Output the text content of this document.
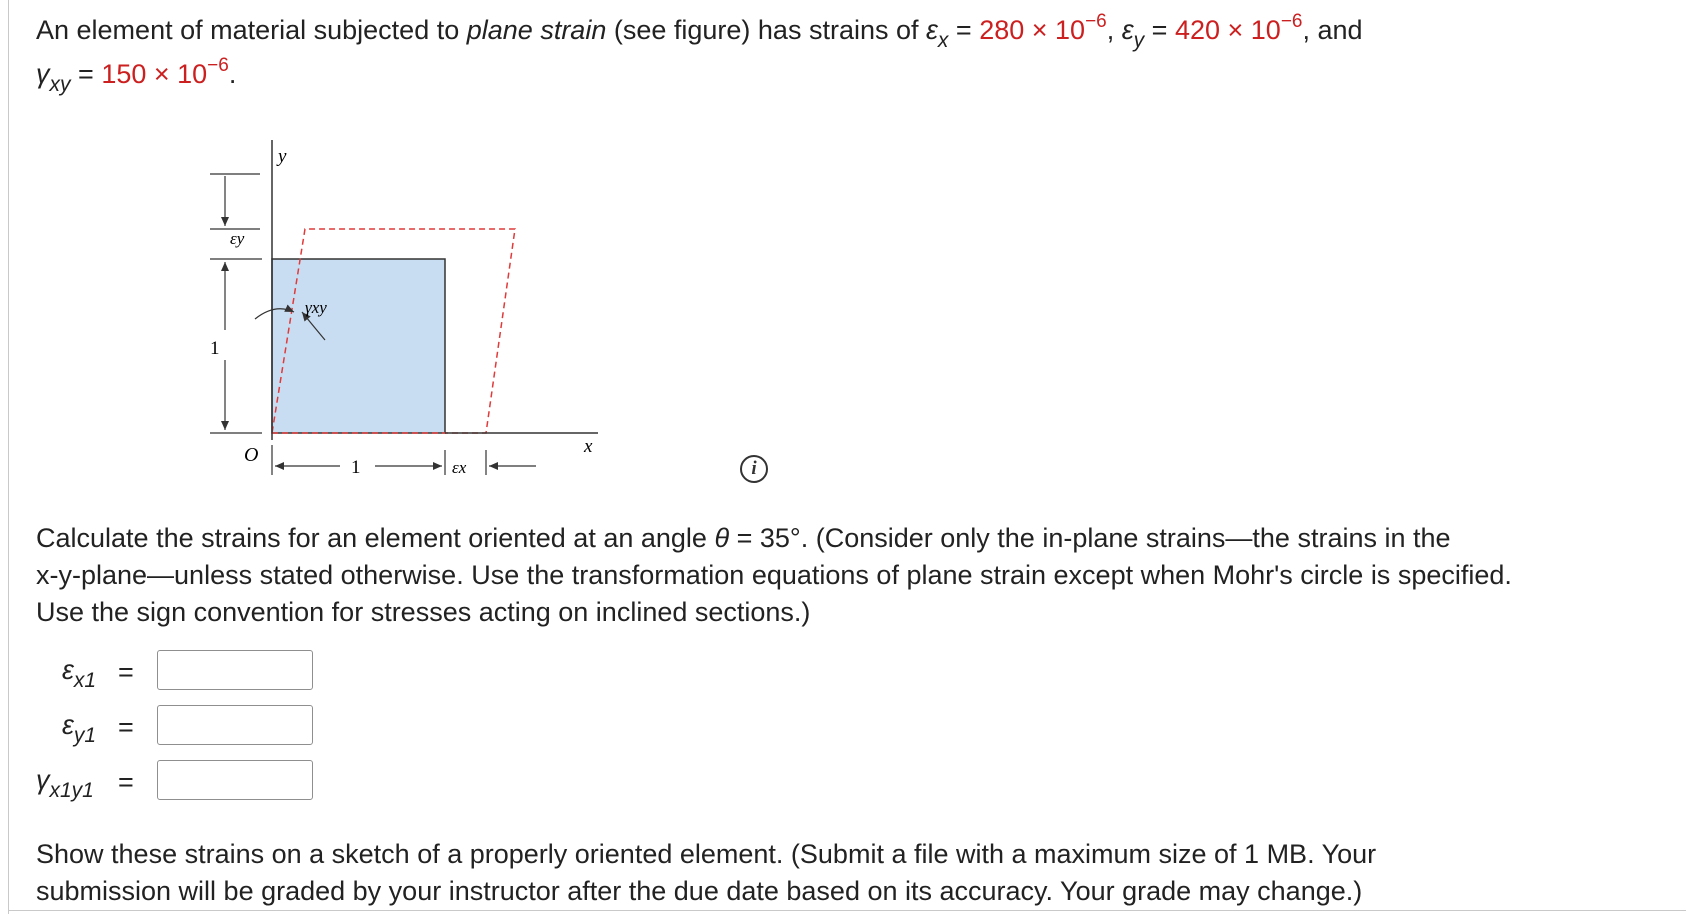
An element of material subjected to plane strain (see figure) has strains of $\varepsilon_x = 280 \times 10^{-6}$, $\varepsilon_y = 420 \times 10^{-6}$, and
$\gamma_{xy} = 150 \times 10^{-6}$.
y
x
O
εy
1
1	εx
γxy
i
Calculate the strains for an element oriented at an angle θ = 35°. (Consider only the in-plane strains—the strains in the
x-y-plane—unless stated otherwise. Use the transformation equations of plane strain except when Mohr's circle is specified.
Use the sign convention for stresses acting on inclined sections.)
$\varepsilon_{x1}$ =
$\varepsilon_{y1}$ =
$\gamma_{x1y1}$ =
Show these strains on a sketch of a properly oriented element. (Submit a file with a maximum size of 1 MB. Your
submission will be graded by your instructor after the due date based on its accuracy. Your grade may change.)
